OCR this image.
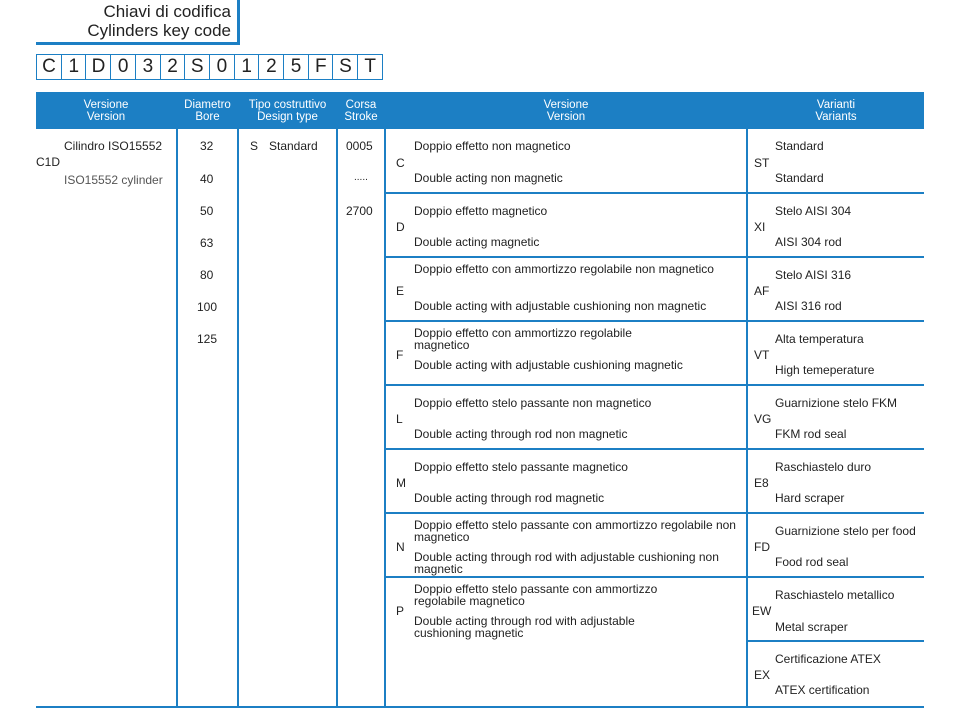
Chiavi di codifica
Cylinders key code
C 1 D 0 3 2 S 0 1 2 5 F S T
Versione
Version
Diametro
Bore
Tipo costruttivo
Design type
Corsa
Stroke
Versione
Version
Varianti
Variants
Cilindro ISO15552
C1D
ISO15552 cylinder
32
40
50
63
80
100
125
S Standard 0005
.....
2700
C
D
E
F
L
M
N
P
Doppio effetto non magnetico
Double acting non magnetic
Doppio effetto magnetico
Double acting magnetic
Doppio effetto con ammortizzo regolabile non magnetico
Double acting with adjustable cushioning non magnetic
Doppio effetto con ammortizzo regolabile magnetico
Double acting with adjustable cushioning magnetic
Doppio effetto stelo passante non magnetico
Double acting through rod non magnetic
Doppio effetto stelo passante magnetico
Double acting through rod magnetic
Doppio effetto stelo passante con ammortizzo regolabile non magnetico
Double acting through rod with adjustable cushioning non magnetic
Doppio effetto stelo passante con ammortizzo regolabile magnetico
Double acting through rod with adjustable cushioning magnetic
ST
XI
AF
VT
VG
E8
FD
EW
EX
Standard
Standard
Stelo AISI 304
AISI 304 rod
Stelo AISI 316
AISI 316 rod
Alta temperatura
High temeperature
Guarnizione stelo FKM
FKM rod seal
Raschiastelo duro
Hard scraper
Guarnizione stelo per food
Food rod seal
Raschiastelo metallico
Metal scraper
Certificazione ATEX
ATEX certification
